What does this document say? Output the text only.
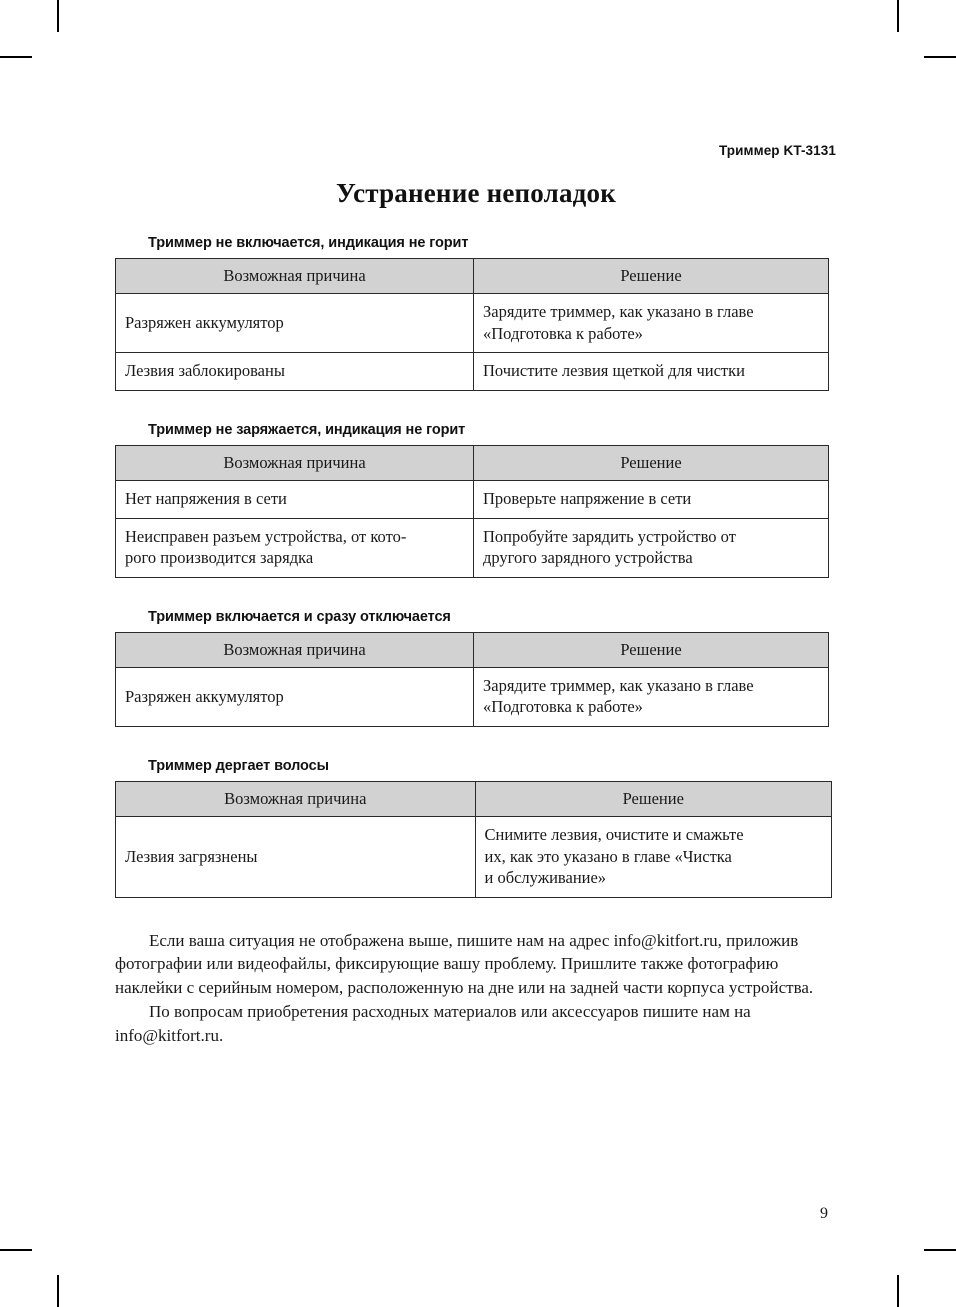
Триммер KT-3131
Устранение неполадок
Триммер не включается, индикация не горит
Возможная причина	Решение

Разряжен аккумулятор	Зарядите триммер, как указано в главе
«Подготовка к работе»

Лезвия заблокированы	Почистите лезвия щеткой для чистки
Триммер не заряжается, индикация не горит
Возможная причина	Решение

Нет напряжения в сети	Проверьте напряжение в сети

Неисправен разъем устройства, от кото-
рого производится зарядка	Попробуйте зарядить устройство от
другого зарядного устройства
Триммер включается и сразу отключается
Возможная причина	Решение

Разряжен аккумулятор	Зарядите триммер, как указано в главе
«Подготовка к работе»
Триммер дергает волосы
Возможная причина	Решение

Лезвия загрязнены	Снимите лезвия, очистите и смажьте
их, как это указано в главе «Чистка
и обслуживание»

Если ваша ситуация не отображена выше, пишите нам на адрес info@kitfort.ru, приложив фотографии или видеофайлы, фиксирующие вашу проблему. Пришлите также фотографию наклейки с серийным номером, расположенную на дне или на задней части корпуса устройства.

По вопросам приобретения расходных материалов или аксессуаров пишите нам на info@kitfort.ru.

9
